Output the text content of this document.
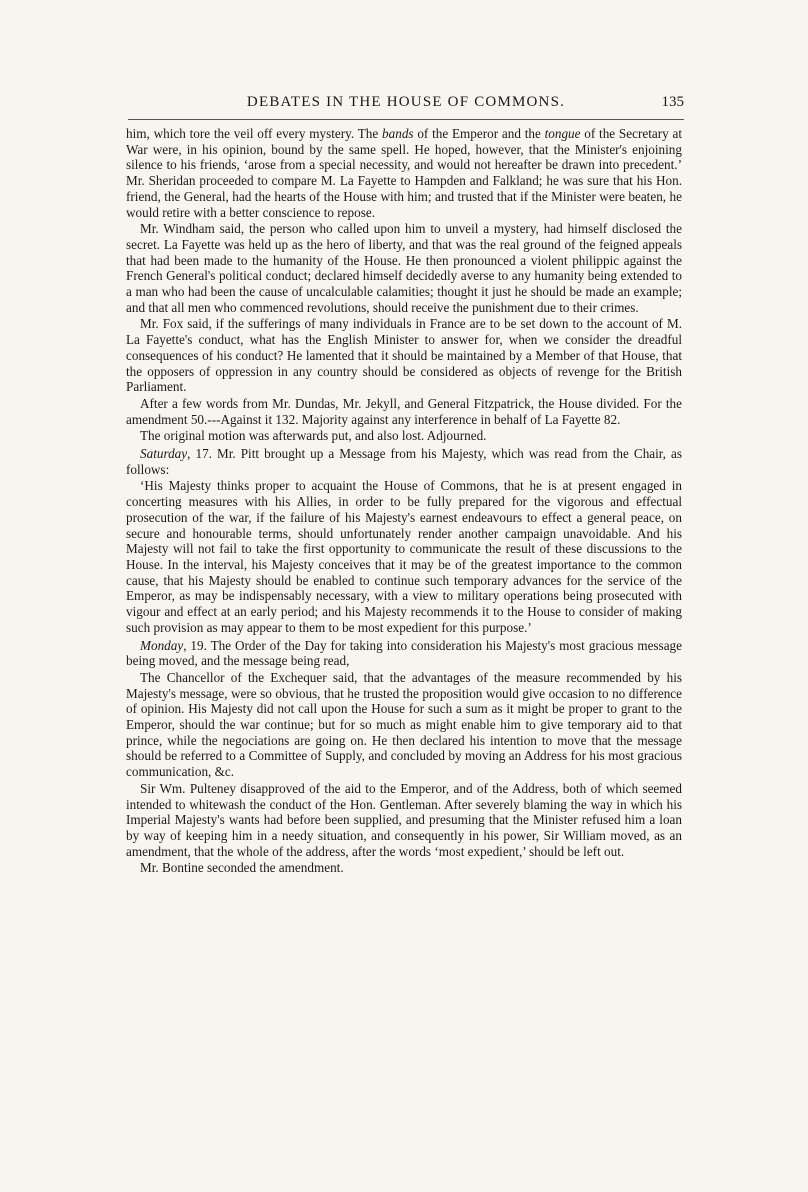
DEBATES IN THE HOUSE OF COMMONS.	135

him, which tore the veil off every mystery. The bands of the Emperor and the tongue of the Secretary at War were, in his opinion, bound by the same spell. He hoped, however, that the Minister's enjoining silence to his friends, ‘arose from a special necessity, and would not hereafter be drawn into precedent.’ Mr. Sheridan proceeded to compare M. La Fayette to Hampden and Falkland; he was sure that his Hon. friend, the General, had the hearts of the House with him; and trusted that if the Minister were beaten, he would retire with a better conscience to repose.

Mr. Windham said, the person who called upon him to unveil a mystery, had himself disclosed the secret. La Fayette was held up as the hero of liberty, and that was the real ground of the feigned appeals that had been made to the humanity of the House. He then pronounced a violent philippic against the French General's political conduct; declared himself decidedly averse to any humanity being extended to a man who had been the cause of uncalculable calamities; thought it just he should be made an example; and that all men who commenced revolutions, should receive the punishment due to their crimes.

Mr. Fox said, if the sufferings of many individuals in France are to be set down to the account of M. La Fayette's conduct, what has the English Minister to answer for, when we consider the dreadful consequences of his conduct? He lamented that it should be maintained by a Member of that House, that the opposers of oppression in any country should be considered as objects of revenge for the British Parliament.

After a few words from Mr. Dundas, Mr. Jekyll, and General Fitzpatrick, the House divided. For the amendment 50.---Against it 132. Majority against any interference in behalf of La Fayette 82.

The original motion was afterwards put, and also lost. Adjourned.

Saturday, 17. Mr. Pitt brought up a Message from his Majesty, which was read from the Chair, as follows:

‘His Majesty thinks proper to acquaint the House of Commons, that he is at present engaged in concerting measures with his Allies, in order to be fully prepared for the vigorous and effectual prosecution of the war, if the failure of his Majesty's earnest endeavours to effect a general peace, on secure and honourable terms, should unfortunately render another campaign unavoidable. And his Majesty will not fail to take the first opportunity to communicate the result of these discussions to the House. In the interval, his Majesty conceives that it may be of the greatest importance to the common cause, that his Majesty should be enabled to continue such temporary advances for the service of the Emperor, as may be indispensably necessary, with a view to military operations being prosecuted with vigour and effect at an early period; and his Majesty recommends it to the House to consider of making such provision as may appear to them to be most expedient for this purpose.’

Monday, 19. The Order of the Day for taking into consideration his Majesty's most gracious message being moved, and the message being read,

The Chancellor of the Exchequer said, that the advantages of the measure recommended by his Majesty's message, were so obvious, that he trusted the proposition would give occasion to no difference of opinion. His Majesty did not call upon the House for such a sum as it might be proper to grant to the Emperor, should the war continue; but for so much as might enable him to give temporary aid to that prince, while the negociations are going on. He then declared his intention to move that the message should be referred to a Committee of Supply, and concluded by moving an Address for his most gracious communication, &c.

Sir Wm. Pulteney disapproved of the aid to the Emperor, and of the Address, both of which seemed intended to whitewash the conduct of the Hon. Gentleman. After severely blaming the way in which his Imperial Majesty's wants had before been supplied, and presuming that the Minister refused him a loan by way of keeping him in a needy situation, and consequently in his power, Sir William moved, as an amendment, that the whole of the address, after the words ‘most expedient,’ should be left out.

Mr. Bontine seconded the amendment.
